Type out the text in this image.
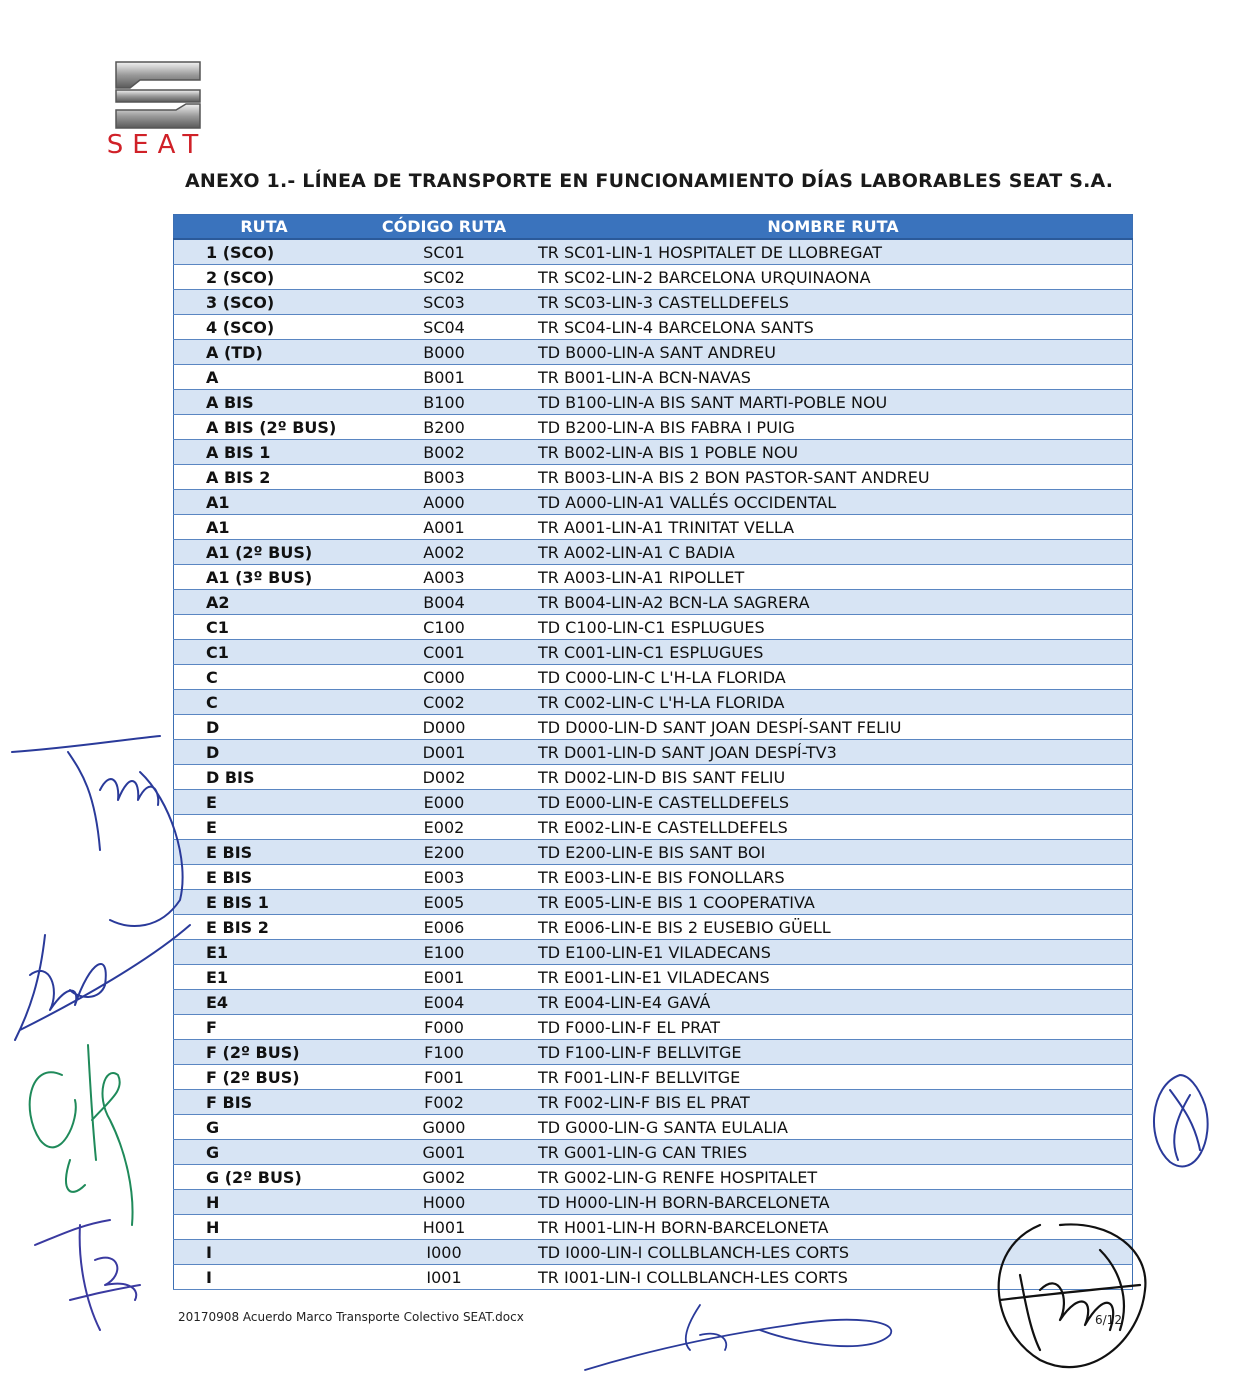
SEAT
ANEXO 1.- LÍNEA DE TRANSPORTE EN FUNCIONAMIENTO DÍAS LABORABLES SEAT S.A.
RUTA	CÓDIGO RUTA	NOMBRE RUTA
1 (SCO)	SC01	TR SC01-LIN-1 HOSPITALET DE LLOBREGAT
2 (SCO)	SC02	TR SC02-LIN-2 BARCELONA URQUINAONA
3 (SCO)	SC03	TR SC03-LIN-3 CASTELLDEFELS
4 (SCO)	SC04	TR SC04-LIN-4 BARCELONA SANTS
A (TD)	B000	TD B000-LIN-A SANT ANDREU
A	B001	TR B001-LIN-A BCN-NAVAS
A BIS	B100	TD B100-LIN-A BIS SANT MARTI-POBLE NOU
A BIS (2º BUS)	B200	TD B200-LIN-A BIS FABRA I PUIG
A BIS 1	B002	TR B002-LIN-A BIS 1 POBLE NOU
A BIS 2	B003	TR B003-LIN-A BIS 2 BON PASTOR-SANT ANDREU
A1	A000	TD A000-LIN-A1 VALLÉS OCCIDENTAL
A1	A001	TR A001-LIN-A1 TRINITAT VELLA
A1 (2º BUS)	A002	TR A002-LIN-A1 C BADIA
A1 (3º BUS)	A003	TR A003-LIN-A1 RIPOLLET
A2	B004	TR B004-LIN-A2 BCN-LA SAGRERA
C1	C100	TD C100-LIN-C1 ESPLUGUES
C1	C001	TR C001-LIN-C1 ESPLUGUES
C	C000	TD C000-LIN-C L'H-LA FLORIDA
C	C002	TR C002-LIN-C L'H-LA FLORIDA
D	D000	TD D000-LIN-D SANT JOAN DESPÍ-SANT FELIU
D	D001	TR D001-LIN-D SANT JOAN DESPÍ-TV3
D BIS	D002	TR D002-LIN-D BIS SANT FELIU
E	E000	TD E000-LIN-E CASTELLDEFELS
E	E002	TR E002-LIN-E CASTELLDEFELS
E BIS	E200	TD E200-LIN-E BIS SANT BOI
E BIS	E003	TR E003-LIN-E BIS FONOLLARS
E BIS 1	E005	TR E005-LIN-E BIS 1 COOPERATIVA
E BIS 2	E006	TR E006-LIN-E BIS 2 EUSEBIO GÜELL
E1	E100	TD E100-LIN-E1 VILADECANS
E1	E001	TR E001-LIN-E1 VILADECANS
E4	E004	TR E004-LIN-E4 GAVÁ
F	F000	TD F000-LIN-F EL PRAT
F (2º BUS)	F100	TD F100-LIN-F BELLVITGE
F (2º BUS)	F001	TR F001-LIN-F BELLVITGE
F BIS	F002	TR F002-LIN-F BIS EL PRAT
G	G000	TD G000-LIN-G SANTA EULALIA
G	G001	TR G001-LIN-G CAN TRIES
G (2º BUS)	G002	TR G002-LIN-G RENFE HOSPITALET
H	H000	TD H000-LIN-H BORN-BARCELONETA
H	H001	TR H001-LIN-H BORN-BARCELONETA
I	I000	TD I000-LIN-I COLLBLANCH-LES CORTS
I	I001	TR I001-LIN-I COLLBLANCH-LES CORTS
20170908 Acuerdo Marco Transporte Colectivo SEAT.docx	6/12
